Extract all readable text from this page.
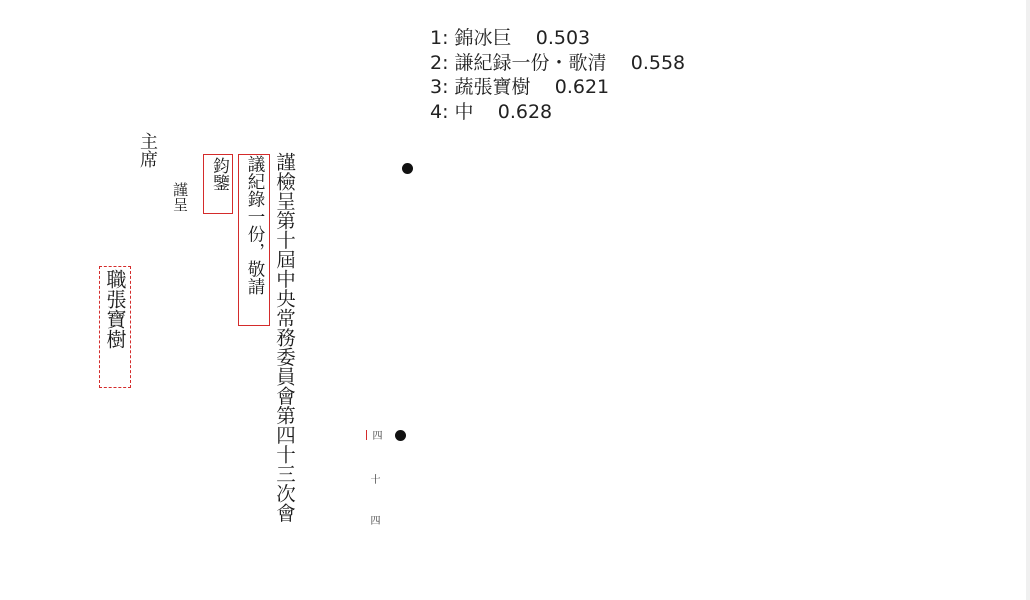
1: 錦冰巨 0.503
2: 謙紀録一份・歌清 0.558
3: 蔬張寶樹 0.621
4: 中 0.628
謹檢呈第十屆中央常務委員會第四十三次會
議紀錄一份，敬請
鈞鑒
謹呈
主席
職張寶樹
四
十
四
